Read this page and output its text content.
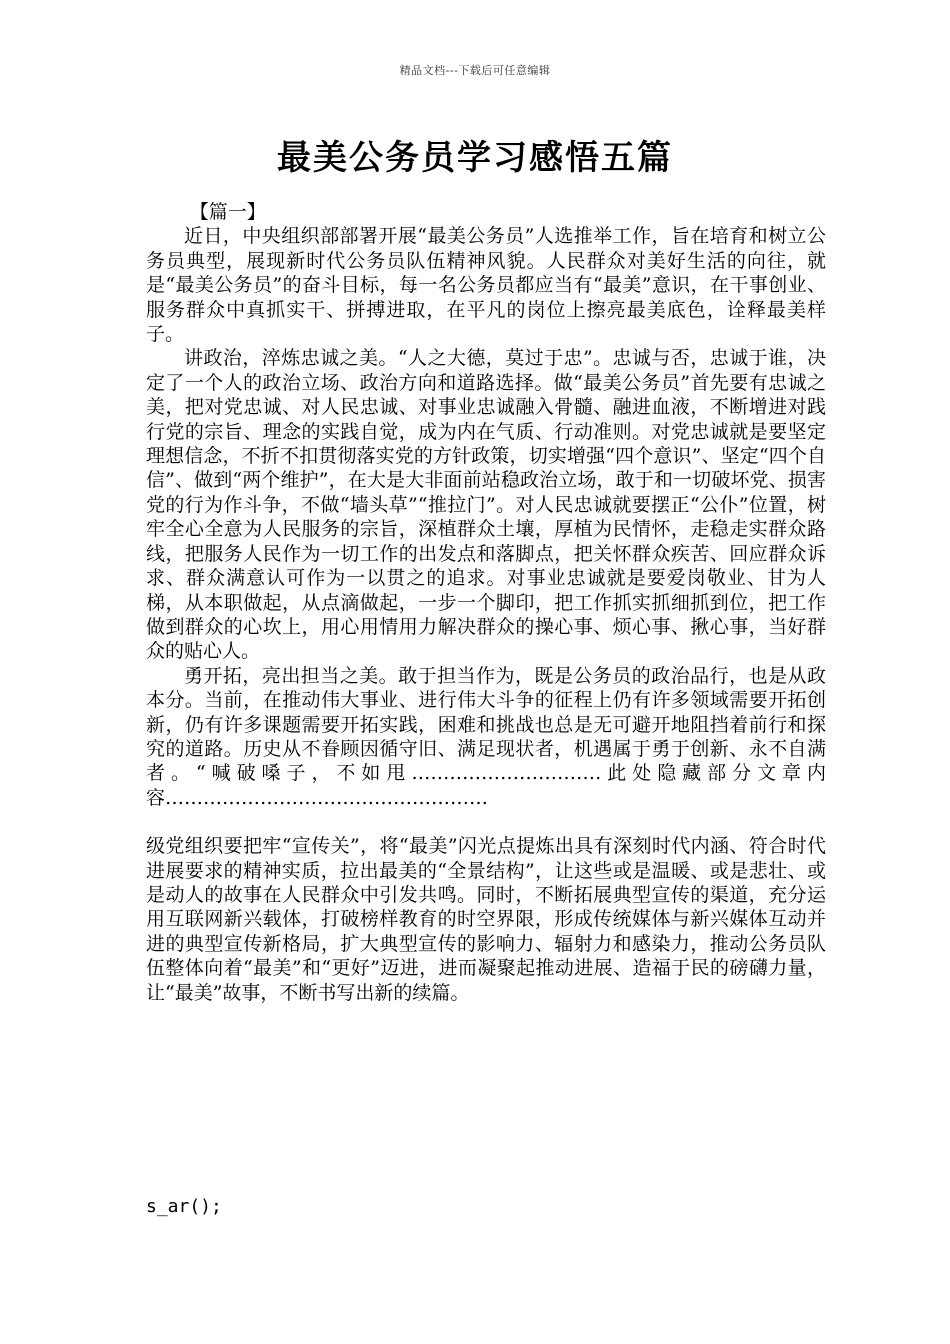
精品文档---下载后可任意编辑
最美公务员学习感悟五篇

【篇一】

近日，中央组织部部署开展“最美公务员”人选推举工作，旨在培育和树立公务员典型，展现新时代公务员队伍精神风貌。人民群众对美好生活的向往，就是“最美公务员”的奋斗目标，每一名公务员都应当有“最美”意识，在干事创业、服务群众中真抓实干、拼搏进取，在平凡的岗位上擦亮最美底色，诠释最美样子。

讲政治，淬炼忠诚之美。“人之大德，莫过于忠”。忠诚与否，忠诚于谁，决定了一个人的政治立场、政治方向和道路选择。做“最美公务员”首先要有忠诚之美，把对党忠诚、对人民忠诚、对事业忠诚融入骨髓、融进血液，不断增进对践行党的宗旨、理念的实践自觉，成为内在气质、行动准则。对党忠诚就是要坚定理想信念，不折不扣贯彻落实党的方针政策，切实增强“四个意识”、坚定“四个自信”、做到“两个维护”，在大是大非面前站稳政治立场，敢于和一切破坏党、损害党的行为作斗争，不做“墙头草”“推拉门”。对人民忠诚就要摆正“公仆”位置，树牢全心全意为人民服务的宗旨，深植群众土壤，厚植为民情怀，走稳走实群众路线，把服务人民作为一切工作的出发点和落脚点，把关怀群众疾苦、回应群众诉求、群众满意认可作为一以贯之的追求。对事业忠诚就是要爱岗敬业、甘为人梯，从本职做起，从点滴做起，一步一个脚印，把工作抓实抓细抓到位，把工作做到群众的心坎上，用心用情用力解决群众的操心事、烦心事、揪心事，当好群众的贴心人。

勇开拓，亮出担当之美。敢于担当作为，既是公务员的政治品行，也是从政本分。当前，在推动伟大事业、进行伟大斗争的征程上仍有许多领域需要开拓创新，仍有许多课题需要开拓实践，困难和挑战也总是无可避开地阻挡着前行和探究的道路。历史从不眷顾因循守旧、满足现状者，机遇属于勇于创新、永不自满者。“喊破嗓子，不如甩…………………………此处隐藏部分文章内容……………………………………………

级党组织要把牢“宣传关”，将“最美”闪光点提炼出具有深刻时代内涵、符合时代进展要求的精神实质，拉出最美的“全景结构”，让这些或是温暖、或是悲壮、或是动人的故事在人民群众中引发共鸣。同时，不断拓展典型宣传的渠道，充分运用互联网新兴载体，打破榜样教育的时空界限，形成传统媒体与新兴媒体互动并进的典型宣传新格局，扩大典型宣传的影响力、辐射力和感染力，推动公务员队伍整体向着“最美”和“更好”迈进，进而凝聚起推动进展、造福于民的磅礴力量，让“最美”故事，不断书写出新的续篇。

s_ar();
